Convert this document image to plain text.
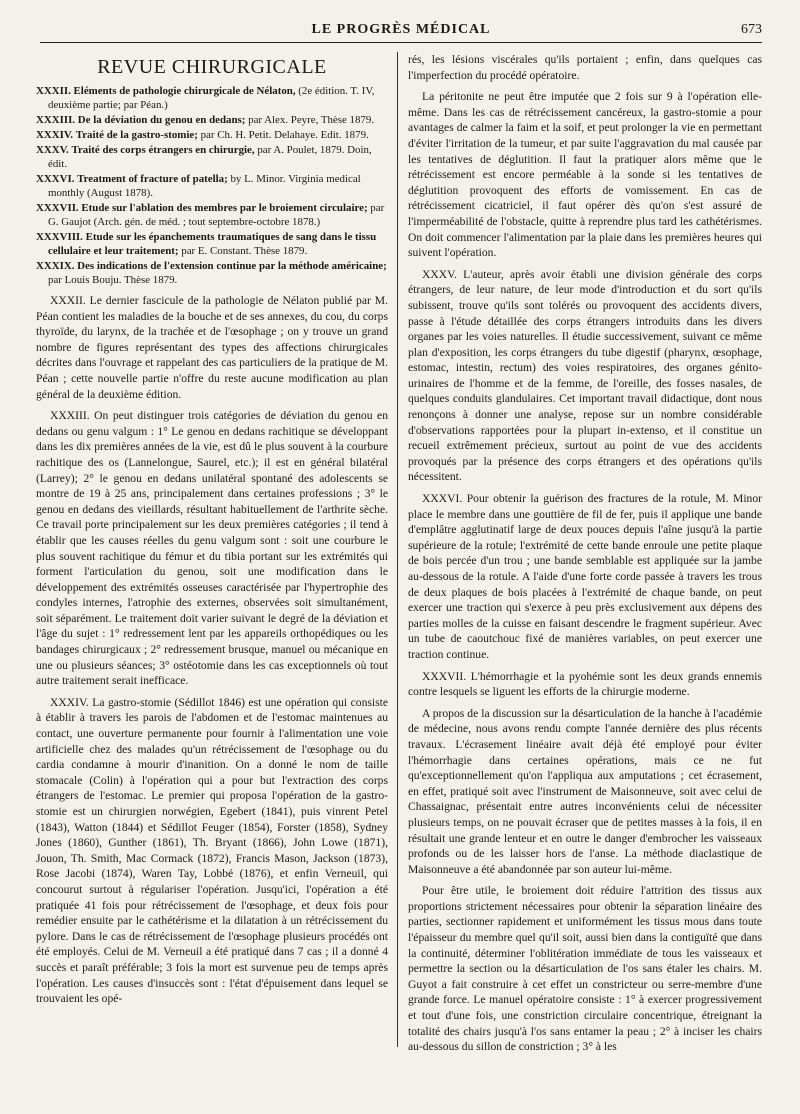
LE PROGRÈS MÉDICAL	673
REVUE CHIRURGICALE
XXXII. Eléments de pathologie chirurgicale de Nélaton, (2e édition. T. IV, deuxième partie; par Péan.)
XXXIII. De la déviation du genou en dedans; par Alex. Peyre, Thèse 1879.
XXXIV. Traité de la gastro-stomie; par Ch. H. Petit. Delahaye. Edit. 1879.
XXXV. Traité des corps étrangers en chirurgie, par A. Poulet, 1879. Doin, édit.
XXXVI. Treatment of fracture of patella; by L. Minor. Virginia medical monthly (August 1878).
XXXVII. Etude sur l'ablation des membres par le broiement circulaire; par G. Gaujot (Arch. gén. de méd. ; tout septembre-octobre 1878.)
XXXVIII. Etude sur les épanchements traumatiques de sang dans le tissu cellulaire et leur traitement; par E. Constant. Thèse 1879.
XXXIX. Des indications de l'extension continue par la méthode américaine; par Louis Bouju. Thèse 1879.

XXXII. Le dernier fascicule de la pathologie de Nélaton publié par M. Péan contient les maladies de la bouche et de ses annexes, du cou, du corps thyroïde, du larynx, de la trachée et de l'œsophage ; on y trouve un grand nombre de figures représentant des types des affections chirurgicales décrites dans l'ouvrage et rappelant des cas particuliers de la pratique de M. Péan ; cette nouvelle partie n'offre du reste aucune modification au plan général de la deuxième édition.

XXXIII. On peut distinguer trois catégories de déviation du genou en dedans ou genu valgum : 1° Le genou en dedans rachitique se développant dans les dix premières années de la vie, est dû le plus souvent à la courbure rachitique des os (Lannelongue, Saurel, etc.); il est en général bilatéral (Larrey); 2° le genou en dedans unilatéral spontané des adolescents se montre de 19 à 25 ans, principalement dans certaines professions ; 3° le genou en dedans des vieillards, résultant habituellement de l'arthrite sèche. Ce travail porte principalement sur les deux premières catégories ; il tend à établir que les causes réelles du genu valgum sont : soit une courbure le plus souvent rachitique du fémur et du tibia portant sur les extrémités qui forment l'articulation du genou, soit une modification dans le développement des extrémités osseuses caractérisée par l'hypertrophie des condyles internes, l'atrophie des externes, observées soit simultanément, soit séparément. Le traitement doit varier suivant le degré de la déviation et l'âge du sujet : 1° redressement lent par les appareils orthopédiques ou les bandages chirurgicaux ; 2° redressement brusque, manuel ou mécanique en une ou plusieurs séances; 3° ostéotomie dans les cas exceptionnels où tout autre traitement serait inefficace.

XXXIV. La gastro-stomie (Sédillot 1846) est une opération qui consiste à établir à travers les parois de l'abdomen et de l'estomac maintenues au contact, une ouverture permanente pour fournir à l'alimentation une voie artificielle chez des malades qu'un rétrécissement de l'œsophage ou du cardia condamne à mourir d'inanition. On a donné le nom de taille stomacale (Colin) à l'opération qui a pour but l'extraction des corps étrangers de l'estomac. Le premier qui proposa l'opération de la gastro-stomie est un chirurgien norwégien, Egebert (1841), puis vinrent Petel (1843), Watton (1844) et Sédillot Feuger (1854), Forster (1858), Sydney Jones (1860), Gunther (1861), Th. Bryant (1866), John Lowe (1871), Jouon, Th. Smith, Mac Cormack (1872), Francis Mason, Jackson (1873), Rose Jacobi (1874), Waren Tay, Lobbé (1876), et enfin Verneuil, qui concourut surtout à régulariser l'opération. Jusqu'ici, l'opération a été pratiquée 41 fois pour rétrécissement de l'œsophage, et deux fois pour remédier ensuite par le cathétérisme et la dilatation à un rétrécissement du pylore. Dans le cas de rétrécissement de l'œsophage plusieurs procédés ont été employés. Celui de M. Verneuil a été pratiqué dans 7 cas ; il a donné 4 succès et paraît préférable; 3 fois la mort est survenue peu de temps après l'opération. Les causes d'insuccès sont : l'état d'épuisement dans lequel se trouvaient les opé-

rés, les lésions viscérales qu'ils portaient ; enfin, dans quelques cas l'imperfection du procédé opératoire.

La péritonite ne peut être imputée que 2 fois sur 9 à l'opération elle-même. Dans les cas de rétrécissement cancéreux, la gastro-stomie a pour avantages de calmer la faim et la soif, et peut prolonger la vie en permettant d'éviter l'irritation de la tumeur, et par suite l'aggravation du mal causée par les tentatives de déglutition. Il faut la pratiquer alors même que le rétrécissement est encore perméable à la sonde si les tentatives de déglutition provoquent des efforts de vomissement. En cas de rétrécissement cicatriciel, il faut opérer dès qu'on s'est assuré de l'imperméabilité de l'obstacle, quitte à reprendre plus tard les cathétérismes. On doit commencer l'alimentation par la plaie dans les premières heures qui suivent l'opération.

XXXV. L'auteur, après avoir établi une division générale des corps étrangers, de leur nature, de leur mode d'introduction et du sort qu'ils subissent, trouve qu'ils sont tolérés ou provoquent des accidents divers, passe à l'étude détaillée des corps étrangers introduits dans les divers organes par les voies naturelles. Il étudie successivement, suivant ce même plan d'exposition, les corps étrangers du tube digestif (pharynx, œsophage, estomac, intestin, rectum) des voies respiratoires, des organes génito-urinaires de l'homme et de la femme, de l'oreille, des fosses nasales, de quelques conduits glandulaires. Cet important travail didactique, dont nous renonçons à donner une analyse, repose sur un nombre considérable d'observations rapportées pour la plupart in-extenso, et il constitue un recueil extrêmement précieux, surtout au point de vue des accidents provoqués par la présence des corps étrangers et des opérations qu'ils nécessitent.

XXXVI. Pour obtenir la guérison des fractures de la rotule, M. Minor place le membre dans une gouttière de fil de fer, puis il applique une bande d'emplâtre agglutinatif large de deux pouces depuis l'aîne jusqu'à la partie supérieure de la rotule; l'extrémité de cette bande enroule une petite plaque de bois percée d'un trou ; une bande semblable est appliquée sur la jambe au-dessous de la rotule. A l'aide d'une forte corde passée à travers les trous de deux plaques de bois placées à l'extrémité de chaque bande, on peut exercer une traction qui s'exerce à peu près exclusivement aux dépens des parties molles de la cuisse en faisant descendre le fragment supérieur. Avec un tube de caoutchouc fixé de manières variables, on peut exercer une traction continue.

XXXVII. L'hémorrhagie et la pyohémie sont les deux grands ennemis contre lesquels se liguent les efforts de la chirurgie moderne.

A propos de la discussion sur la désarticulation de la hanche à l'académie de médecine, nous avons rendu compte l'année dernière des plus récents travaux. L'écrasement linéaire avait déjà été employé pour éviter l'hémorrhagie dans certaines opérations, mais ce ne fut qu'exceptionnellement qu'on l'appliqua aux amputations ; cet écrasement, en effet, pratiqué soit avec l'instrument de Maisonneuve, soit avec celui de Chassaignac, présentait entre autres inconvénients celui de nécessiter plusieurs temps, on ne pouvait écraser que de petites masses à la fois, il en résultait une grande lenteur et en outre le danger d'embrocher les vaisseaux profonds ou de les laisser hors de l'anse. La méthode diaclastique de Maisonneuve a été abandonnée par son auteur lui-même.

Pour être utile, le broiement doit réduire l'attrition des tissus aux proportions strictement nécessaires pour obtenir la séparation linéaire des parties, sectionner rapidement et uniformément les tissus mous dans toute l'épaisseur du membre quel qu'il soit, aussi bien dans la contiguïté que dans la continuité, déterminer l'oblitération immédiate de tous les vaisseaux et permettre la section ou la désarticulation de l'os sans étaler les chairs. M. Guyot a fait construire à cet effet un constricteur ou serre-membre d'une grande force. Le manuel opératoire consiste : 1° à exercer progressivement et tout d'une fois, une constriction circulaire concentrique, étreignant la totalité des chairs jusqu'à l'os sans entamer la peau ; 2° à inciser les chairs au-dessous du sillon de constriction ; 3° à les
